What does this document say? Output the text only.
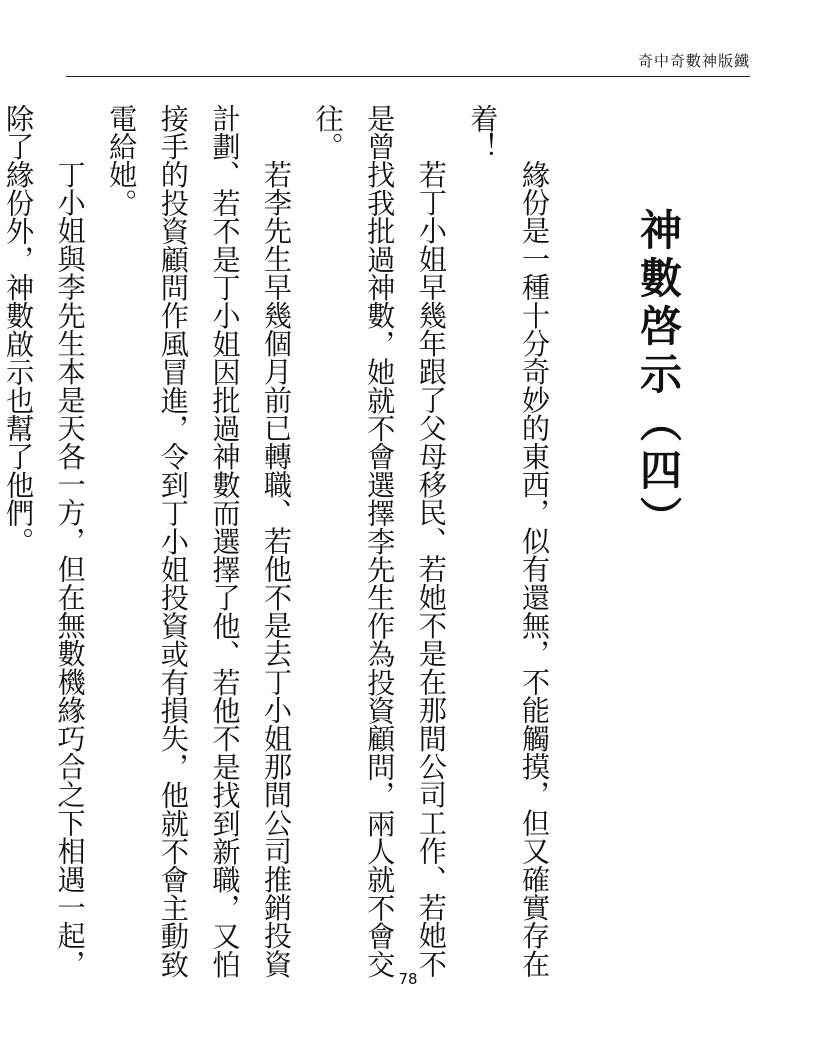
奇中奇數神版鐵
神數啓示（四）

緣份是一種十分奇妙的東西，似有還無，不能觸摸，但又確實存在着！

若丁小姐早幾年跟了父母移民、若她不是在那間公司工作、若她不是曾找我批過神數，她就不會選擇李先生作為投資顧問，兩人就不會交往。

若李先生早幾個月前已轉職、若他不是去丁小姐那間公司推銷投資計劃、若不是丁小姐因批過神數而選擇了他、若他不是找到新職，又怕接手的投資顧問作風冒進，令到丁小姐投資或有損失，他就不會主動致電給她。

丁小姐與李先生本是天各一方，但在無數機緣巧合之下相遇一起，除了緣份外，神數啟示也幫了他們。

78
